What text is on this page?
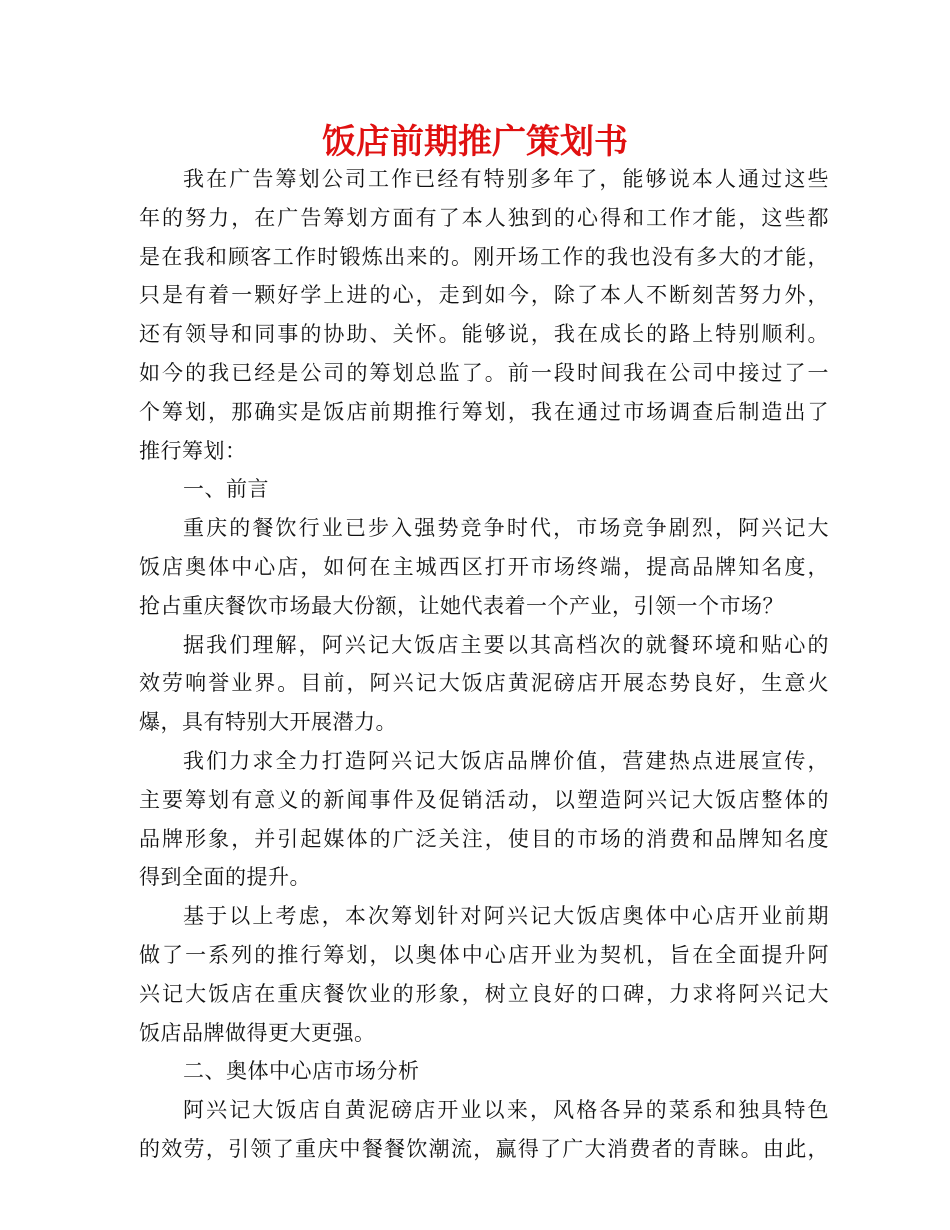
饭店前期推广策划书
我在广告筹划公司工作已经有特别多年了，能够说本人通过这些
年的努力，在广告筹划方面有了本人独到的心得和工作才能，这些都
是在我和顾客工作时锻炼出来的。刚开场工作的我也没有多大的才能，
只是有着一颗好学上进的心，走到如今，除了本人不断刻苦努力外，
还有领导和同事的协助、关怀。能够说，我在成长的路上特别顺利。
如今的我已经是公司的筹划总监了。前一段时间我在公司中接过了一
个筹划，那确实是饭店前期推行筹划，我在通过市场调查后制造出了
推行筹划：
一、前言
重庆的餐饮行业已步入强势竞争时代，市场竞争剧烈，阿兴记大
饭店奥体中心店，如何在主城西区打开市场终端，提高品牌知名度，
抢占重庆餐饮市场最大份额，让她代表着一个产业，引领一个市场？
据我们理解，阿兴记大饭店主要以其高档次的就餐环境和贴心的
效劳响誉业界。目前，阿兴记大饭店黄泥磅店开展态势良好，生意火
爆，具有特别大开展潜力。
我们力求全力打造阿兴记大饭店品牌价值，营建热点进展宣传，
主要筹划有意义的新闻事件及促销活动，以塑造阿兴记大饭店整体的
品牌形象，并引起媒体的广泛关注，使目的市场的消费和品牌知名度
得到全面的提升。
基于以上考虑，本次筹划针对阿兴记大饭店奥体中心店开业前期
做了一系列的推行筹划，以奥体中心店开业为契机，旨在全面提升阿
兴记大饭店在重庆餐饮业的形象，树立良好的口碑，力求将阿兴记大
饭店品牌做得更大更强。
二、奥体中心店市场分析
阿兴记大饭店自黄泥磅店开业以来，风格各异的菜系和独具特色
的效劳，引领了重庆中餐餐饮潮流，赢得了广大消费者的青睐。由此，
